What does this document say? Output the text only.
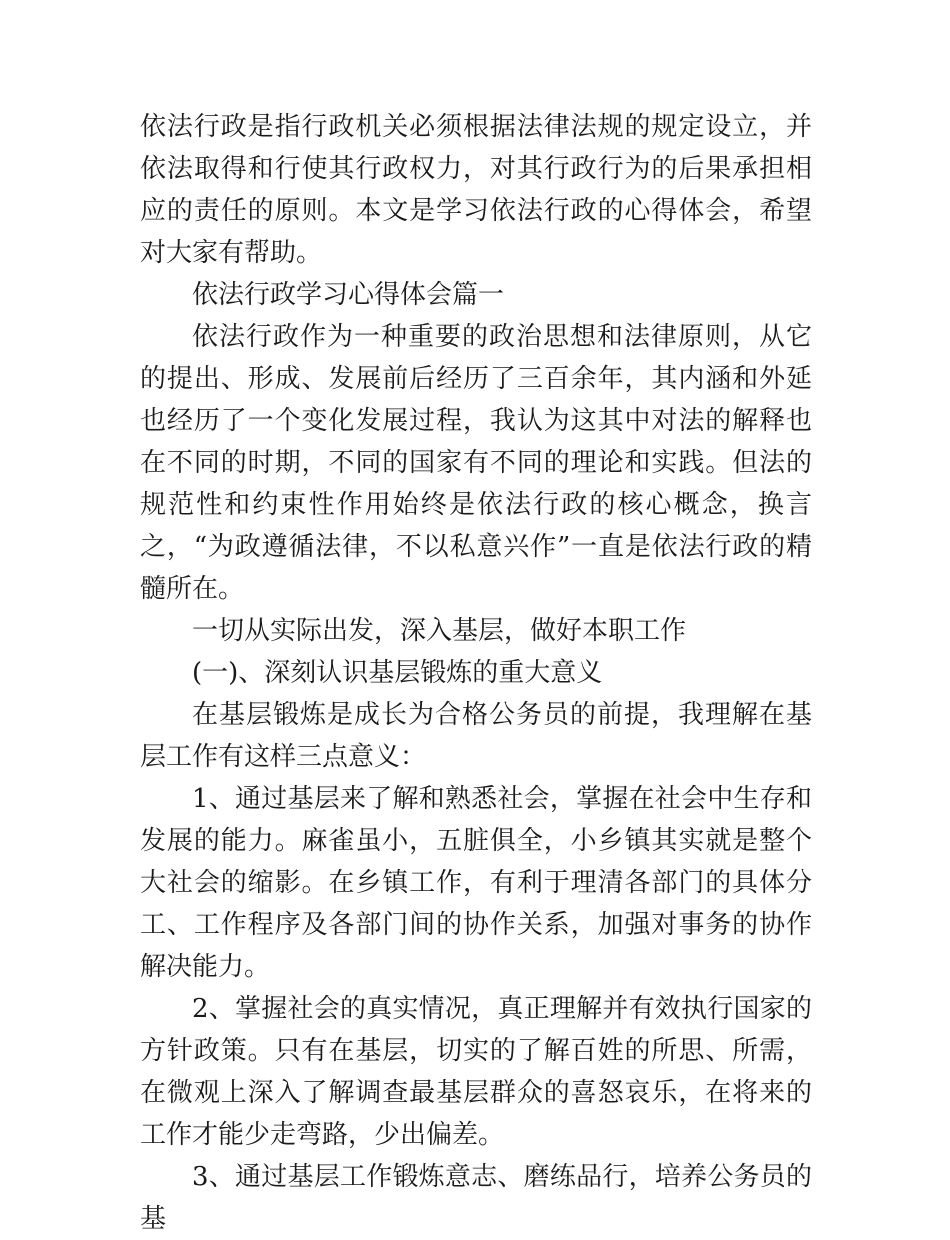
依法行政是指行政机关必须根据法律法规的规定设立，并依法取得和行使其行政权力，对其行政行为的后果承担相应的责任的原则。本文是学习依法行政的心得体会，希望对大家有帮助。

依法行政学习心得体会篇一

依法行政作为一种重要的政治思想和法律原则，从它的提出、形成、发展前后经历了三百余年，其内涵和外延也经历了一个变化发展过程，我认为这其中对法的解释也在不同的时期，不同的国家有不同的理论和实践。但法的规范性和约束性作用始终是依法行政的核心概念，换言之，“为政遵循法律，不以私意兴作”一直是依法行政的精髓所在。

一切从实际出发，深入基层，做好本职工作

(一)、深刻认识基层锻炼的重大意义

在基层锻炼是成长为合格公务员的前提，我理解在基层工作有这样三点意义：

1、通过基层来了解和熟悉社会，掌握在社会中生存和发展的能力。麻雀虽小，五脏俱全，小乡镇其实就是整个大社会的缩影。在乡镇工作，有利于理清各部门的具体分工、工作程序及各部门间的协作关系，加强对事务的协作解决能力。

2、掌握社会的真实情况，真正理解并有效执行国家的方针政策。只有在基层，切实的了解百姓的所思、所需，在微观上深入了解调查最基层群众的喜怒哀乐，在将来的工作才能少走弯路，少出偏差。

3、通过基层工作锻炼意志、磨练品行，培养公务员的基
